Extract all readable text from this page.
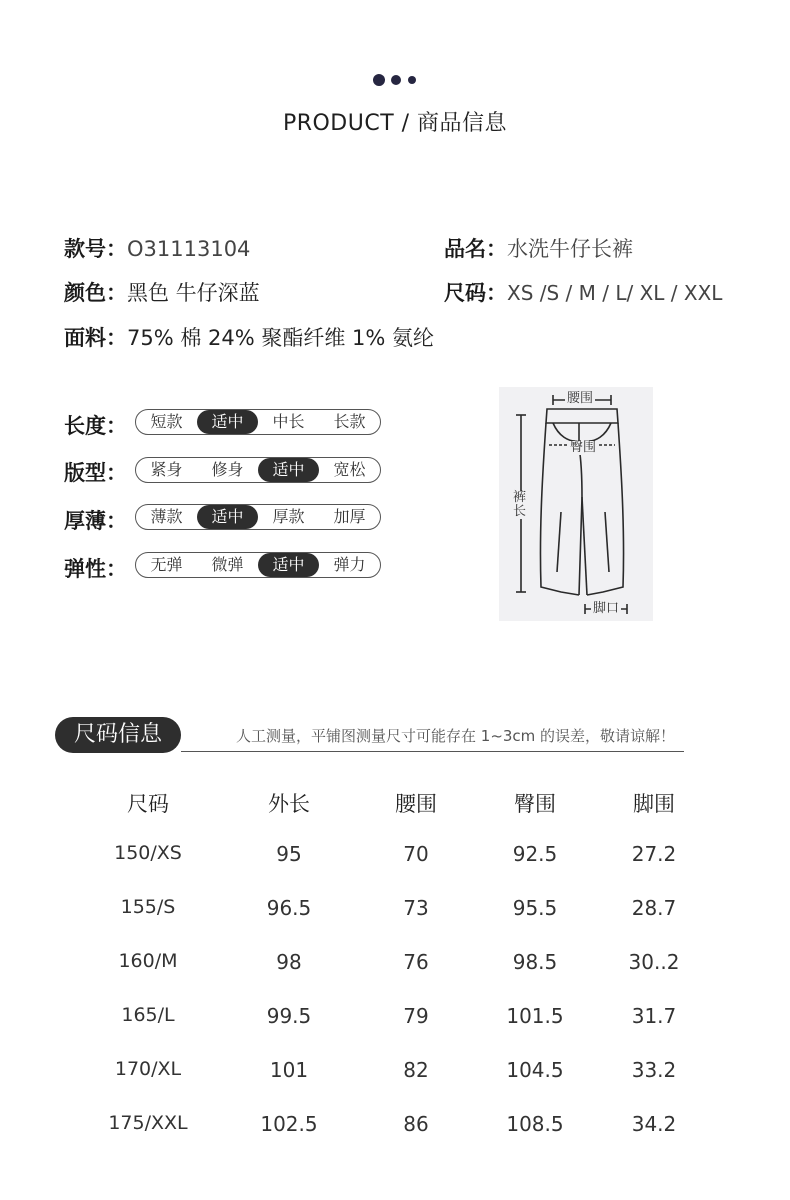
PRODUCT / 商品信息
款号：O31113104	品名：水洗牛仔长裤
颜色：黑色 牛仔深蓝	尺码：XS /S / M / L/ XL / XXL
面料：75% 棉 24% 聚酯纤维 1% 氨纶
长度：	短款	适中	中长	长款
版型：	紧身	修身	适中	宽松
厚薄：	薄款	适中	厚款	加厚
弹性：	无弹	微弹	适中	弹力
腰围
臀围
裤长
脚口
尺码信息	人工测量，平铺图测量尺寸可能存在 1~3cm 的误差，敬请谅解！
尺码	外长	腰围	臀围	脚围
150/XS	95	70	92.5	27.2
155/S	96.5	73	95.5	28.7
160/M	98	76	98.5	30..2
165/L	99.5	79	101.5	31.7
170/XL	101	82	104.5	33.2
175/XXL	102.5	86	108.5	34.2
